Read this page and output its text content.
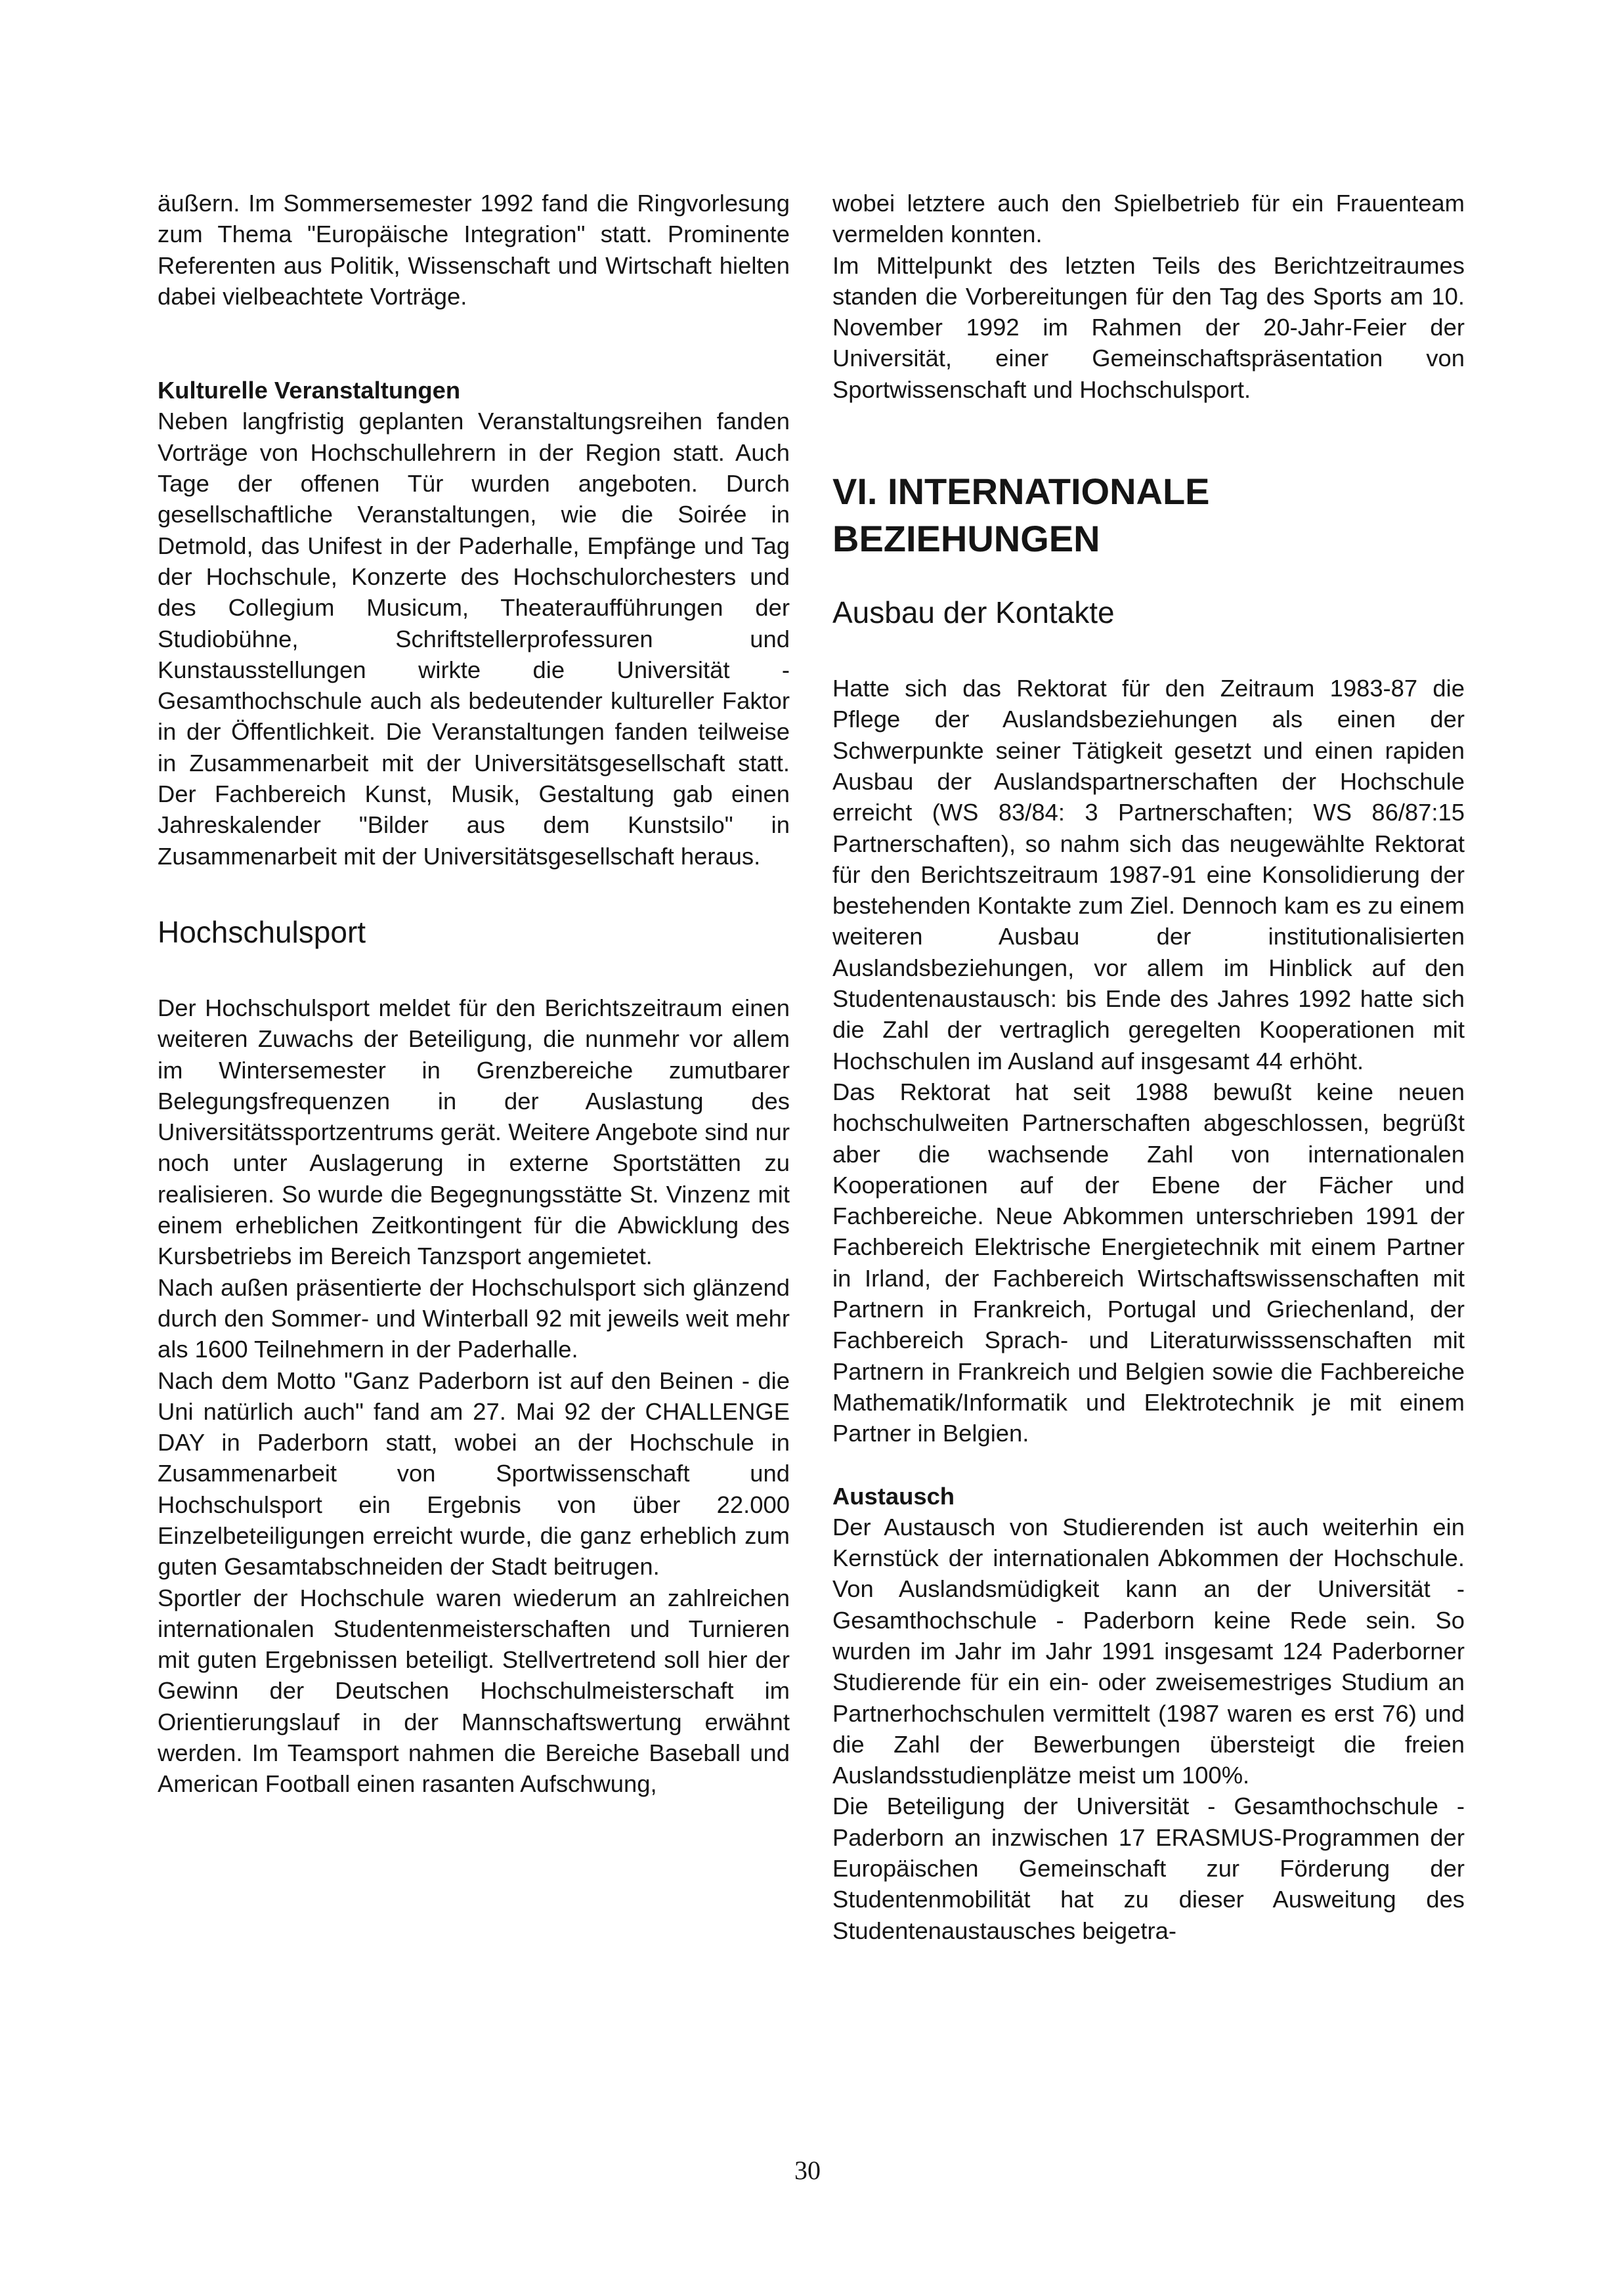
äußern. Im Sommersemester 1992 fand die Ringvorlesung zum Thema "Europäische Integration" statt. Prominente Referenten aus Politik, Wissenschaft und Wirtschaft hielten dabei vielbeachtete Vorträge.

Kulturelle Veranstaltungen

Neben langfristig geplanten Veranstaltungsreihen fanden Vorträge von Hochschullehrern in der Region statt. Auch Tage der offenen Tür wurden angeboten. Durch gesellschaftliche Veranstaltungen, wie die Soirée in Detmold, das Unifest in der Paderhalle, Empfänge und Tag der Hochschule, Konzerte des Hochschulorchesters und des Collegium Musicum, Theateraufführungen der Studiobühne, Schriftstellerprofessuren und Kunstausstellungen wirkte die Universität - Gesamthochschule auch als bedeutender kultureller Faktor in der Öffentlichkeit. Die Veranstaltungen fanden teilweise in Zusammenarbeit mit der Universitätsgesellschaft statt. Der Fachbereich Kunst, Musik, Gestaltung gab einen Jahreskalender "Bilder aus dem Kunstsilo" in Zusammenarbeit mit der Universitätsgesellschaft heraus.

Hochschulsport

Der Hochschulsport meldet für den Berichtszeitraum einen weiteren Zuwachs der Beteiligung, die nunmehr vor allem im Wintersemester in Grenzbereiche zumutbarer Belegungsfrequenzen in der Auslastung des Universitätssportzentrums gerät. Weitere Angebote sind nur noch unter Auslagerung in externe Sportstätten zu realisieren. So wurde die Begegnungsstätte St. Vinzenz mit einem erheblichen Zeitkontingent für die Abwicklung des Kursbetriebs im Bereich Tanzsport angemietet.

Nach außen präsentierte der Hochschulsport sich glänzend durch den Sommer- und Winterball 92 mit jeweils weit mehr als 1600 Teilnehmern in der Paderhalle.

Nach dem Motto "Ganz Paderborn ist auf den Beinen - die Uni natürlich auch" fand am 27. Mai 92 der CHALLENGE DAY in Paderborn statt, wobei an der Hochschule in Zusammenarbeit von Sportwissenschaft und Hochschulsport ein Ergebnis von über 22.000 Einzelbeteiligungen erreicht wurde, die ganz erheblich zum guten Gesamtabschneiden der Stadt beitrugen.

Sportler der Hochschule waren wiederum an zahlreichen internationalen Studentenmeisterschaften und Turnieren mit guten Ergebnissen beteiligt. Stellvertretend soll hier der Gewinn der Deutschen Hochschulmeisterschaft im Orientierungslauf in der Mannschaftswertung erwähnt werden. Im Teamsport nahmen die Bereiche Baseball und American Football einen rasanten Aufschwung,

wobei letztere auch den Spielbetrieb für ein Frauenteam vermelden konnten.

Im Mittelpunkt des letzten Teils des Berichtzeitraumes standen die Vorbereitungen für den Tag des Sports am 10. November 1992 im Rahmen der 20-Jahr-Feier der Universität, einer Gemeinschaftspräsentation von Sportwissenschaft und Hochschulsport.

VI. INTERNATIONALE
BEZIEHUNGEN
Ausbau der Kontakte

Hatte sich das Rektorat für den Zeitraum 1983-87 die Pflege der Auslandsbeziehungen als einen der Schwerpunkte seiner Tätigkeit gesetzt und einen rapiden Ausbau der Auslandspartnerschaften der Hochschule erreicht (WS 83/84: 3 Partnerschaften; WS 86/87:15 Partnerschaften), so nahm sich das neugewählte Rektorat für den Berichtszeitraum 1987-91 eine Konsolidierung der bestehenden Kontakte zum Ziel. Dennoch kam es zu einem weiteren Ausbau der institutionalisierten Auslandsbeziehungen, vor allem im Hinblick auf den Studentenaustausch: bis Ende des Jahres 1992 hatte sich die Zahl der vertraglich geregelten Kooperationen mit Hochschulen im Ausland auf insgesamt 44 erhöht.

Das Rektorat hat seit 1988 bewußt keine neuen hochschulweiten Partnerschaften abgeschlossen, begrüßt aber die wachsende Zahl von internationalen Kooperationen auf der Ebene der Fächer und Fachbereiche. Neue Abkommen unterschrieben 1991 der Fachbereich Elektrische Energietechnik mit einem Partner in Irland, der Fachbereich Wirtschaftswissenschaften mit Partnern in Frankreich, Portugal und Griechenland, der Fachbereich Sprach- und Literaturwisssenschaften mit Partnern in Frankreich und Belgien sowie die Fachbereiche Mathematik/Informatik und Elektrotechnik je mit einem Partner in Belgien.

Austausch

Der Austausch von Studierenden ist auch weiterhin ein Kernstück der internationalen Abkommen der Hochschule. Von Auslandsmüdigkeit kann an der Universität - Gesamthochschule - Paderborn keine Rede sein. So wurden im Jahr im Jahr 1991 insgesamt 124 Paderborner Studierende für ein ein- oder zweisemestriges Studium an Partnerhochschulen vermittelt (1987 waren es erst 76) und die Zahl der Bewerbungen übersteigt die freien Auslandsstudienplätze meist um 100%.

Die Beteiligung der Universität - Gesamthochschule - Paderborn an inzwischen 17 ERASMUS-Programmen der Europäischen Gemeinschaft zur Förderung der Studentenmobilität hat zu dieser Ausweitung des Studentenaustausches beigetra-

30
